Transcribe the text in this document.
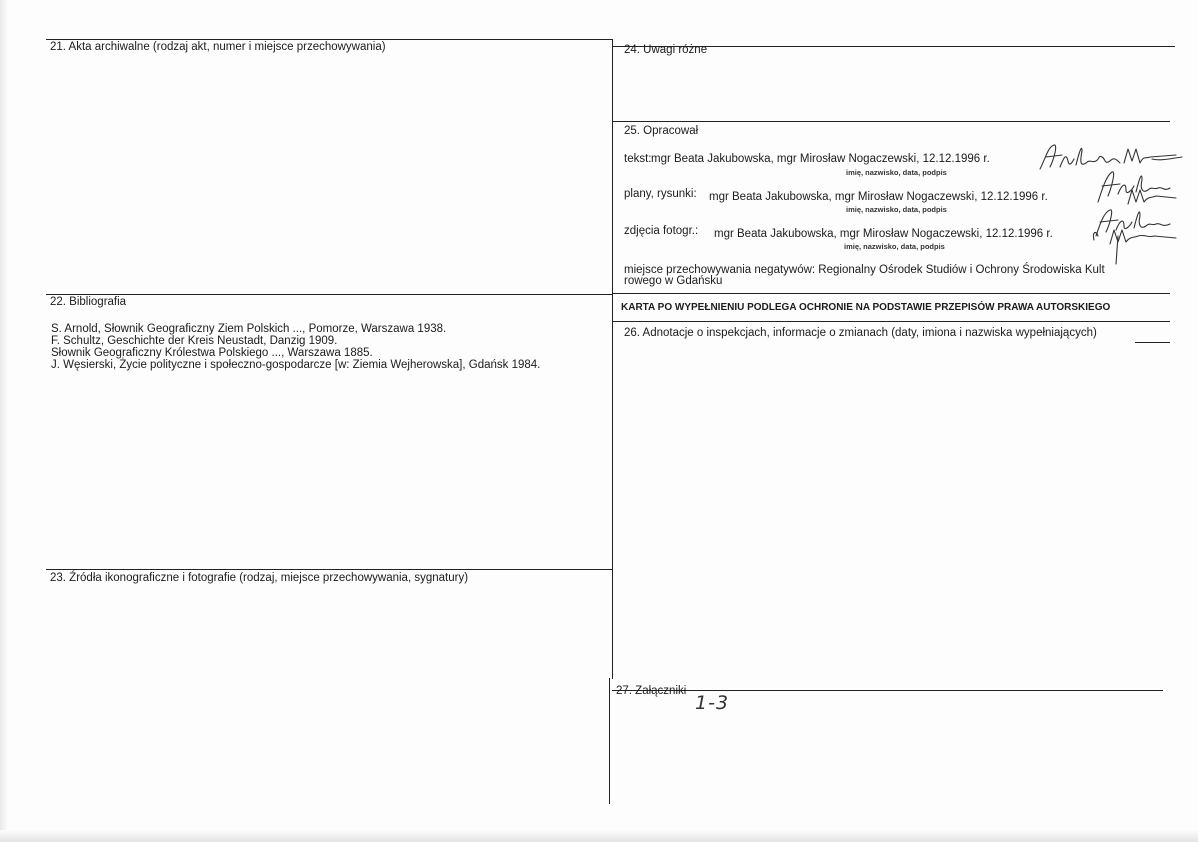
21. Akta archiwalne (rodzaj akt, numer i miejsce przechowywania)
22. Bibliografia
S. Arnold, Słownik Geograficzny Ziem Polskich ..., Pomorze, Warszawa 1938.
F. Schultz, Geschichte der Kreis Neustadt, Danzig 1909.
Słownik Geograficzny Królestwa Polskiego ..., Warszawa 1885.
J. Węsierski, Życie polityczne i społeczno-gospodarcze [w: Ziemia Wejherowska], Gdańsk 1984.
23. Źródła ikonograficzne i fotografie (rodzaj, miejsce przechowywania, sygnatury)
24. Uwagi różne
25. Opracował
tekst: mgr Beata Jakubowska, mgr Mirosław Nogaczewski, 12.12.1996 r.
imię, nazwisko, data, podpis
plany, rysunki: mgr Beata Jakubowska, mgr Mirosław Nogaczewski, 12.12.1996 r.
imię, nazwisko, data, podpis
zdjęcia fotogr.: mgr Beata Jakubowska, mgr Mirosław Nogaczewski, 12.12.1996 r.
imię, nazwisko, data, podpis
miejsce przechowywania negatywów: Regionalny Ośrodek Studiów i Ochrony Środowiska Kult
rowego w Gdańsku
KARTA PO WYPEŁNIENIU PODLEGA OCHRONIE NA PODSTAWIE PRZEPISÓW PRAWA AUTORSKIEGO
26. Adnotacje o inspekcjach, informacje o zmianach (daty, imiona i nazwiska wypełniających)
27. Załączniki
1-3
